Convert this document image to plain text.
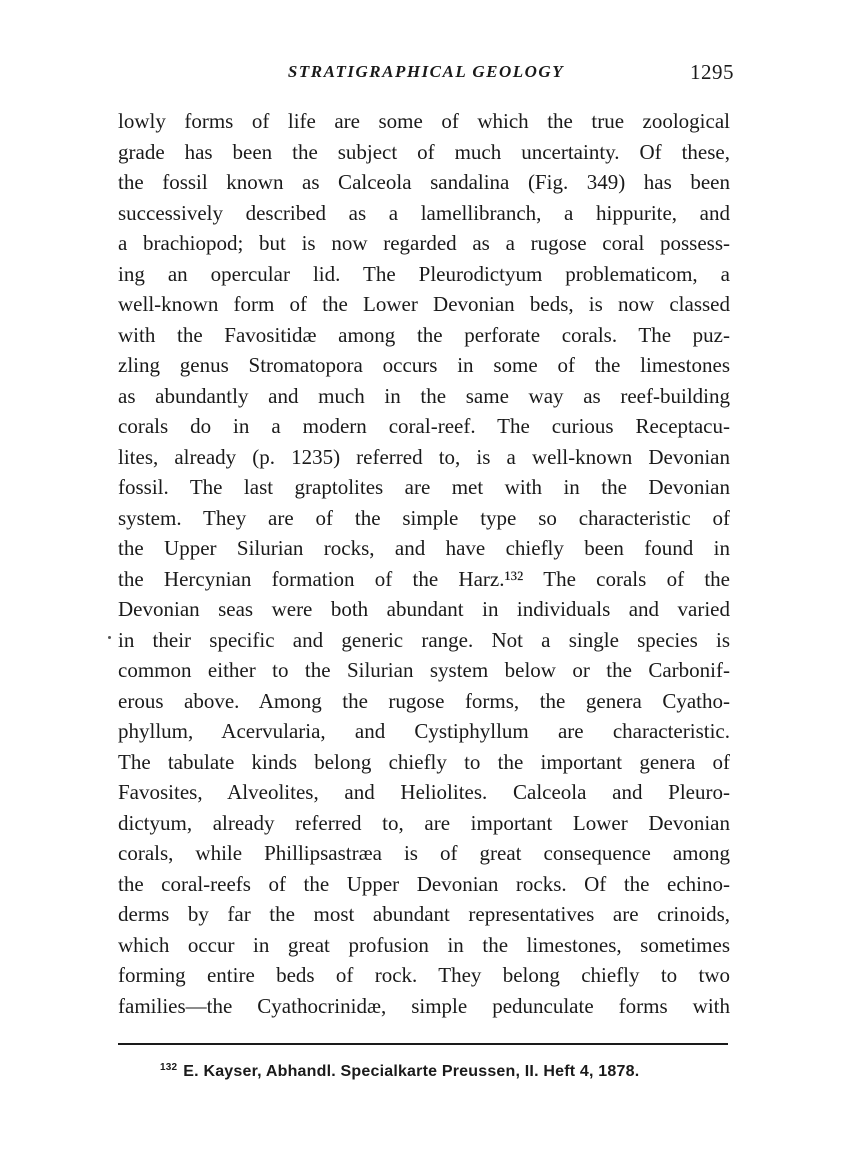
STRATIGRAPHICAL GEOLOGY	1295
lowly forms of life are some of which the true zoological
grade has been the subject of much uncertainty. Of these,
the fossil known as Calceola sandalina (Fig. 349) has been
successively described as a lamellibranch, a hippurite, and
a brachiopod; but is now regarded as a rugose coral possess-
ing an opercular lid. The Pleurodictyum problematicom, a
well-known form of the Lower Devonian beds, is now classed
with the Favositidæ among the perforate corals. The puz-
zling genus Stromatopora occurs in some of the limestones
as abundantly and much in the same way as reef-building
corals do in a modern coral-reef. The curious Receptacu-
lites, already (p. 1235) referred to, is a well-known Devonian
fossil. The last graptolites are met with in the Devonian
system. They are of the simple type so characteristic of
the Upper Silurian rocks, and have chiefly been found in
the Hercynian formation of the Harz.¹³² The corals of the
Devonian seas were both abundant in individuals and varied
in their specific and generic range. Not a single species is
common either to the Silurian system below or the Carbonif-
erous above. Among the rugose forms, the genera Cyatho-
phyllum, Acervularia, and Cystiphyllum are characteristic.
The tabulate kinds belong chiefly to the important genera of
Favosites, Alveolites, and Heliolites. Calceola and Pleuro-
dictyum, already referred to, are important Lower Devonian
corals, while Phillipsastræa is of great consequence among
the coral-reefs of the Upper Devonian rocks. Of the echino-
derms by far the most abundant representatives are crinoids,
which occur in great profusion in the limestones, sometimes
forming entire beds of rock. They belong chiefly to two
families—the Cyathocrinidæ, simple pedunculate forms with
$^{132}$ E. Kayser, Abhandl. Specialkarte Preussen, II. Heft 4, 1878.
